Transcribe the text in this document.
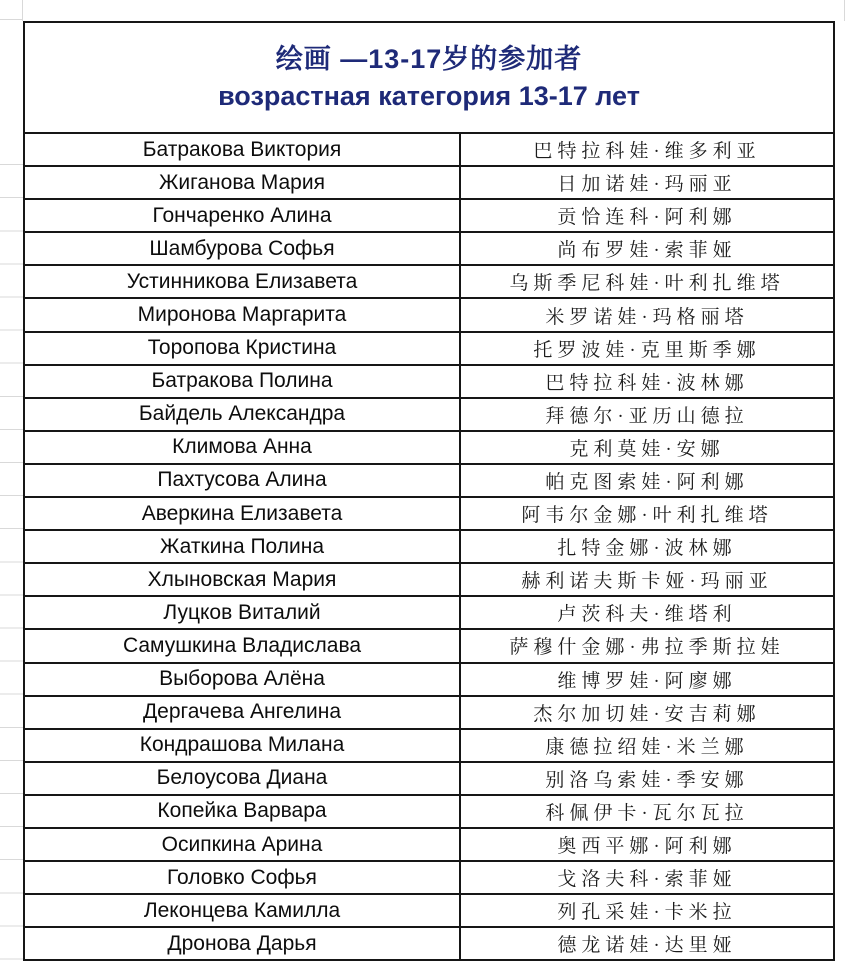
绘画 —13-17岁的参加者
возрастная категория 13-17 лет	

Батракова Виктория	巴特拉科娃·维多利亚
Жиганова Мария	日加诺娃·玛丽亚
Гончаренко Алина	贡恰连科·阿利娜
Шамбурова Софья	尚布罗娃·索菲娅
Устинникова Елизавета	乌斯季尼科娃·叶利扎维塔
Миронова Маргарита	米罗诺娃·玛格丽塔
Торопова Кристина	托罗波娃·克里斯季娜
Батракова Полина	巴特拉科娃·波林娜
Байдель Александра	拜德尔·亚历山德拉
Климова Анна	克利莫娃·安娜
Пахтусова Алина	帕克图索娃·阿利娜
Аверкина Елизавета	阿韦尔金娜·叶利扎维塔
Жаткина Полина	扎特金娜·波林娜
Хлыновская Мария	赫利诺夫斯卡娅·玛丽亚
Луцков Виталий	卢茨科夫·维塔利
Самушкина Владислава	萨穆什金娜·弗拉季斯拉娃
Выборова Алёна	维博罗娃·阿廖娜
Дергачева Ангелина	杰尔加切娃·安吉莉娜
Кондрашова Милана	康德拉绍娃·米兰娜
Белоусова Диана	别洛乌索娃·季安娜
Копейка Варвара	科佩伊卡·瓦尔瓦拉
Осипкина Арина	奥西平娜·阿利娜
Головко Софья	戈洛夫科·索菲娅
Леконцева Камилла	列孔采娃·卡米拉
Дронова Дарья	德龙诺娃·达里娅
